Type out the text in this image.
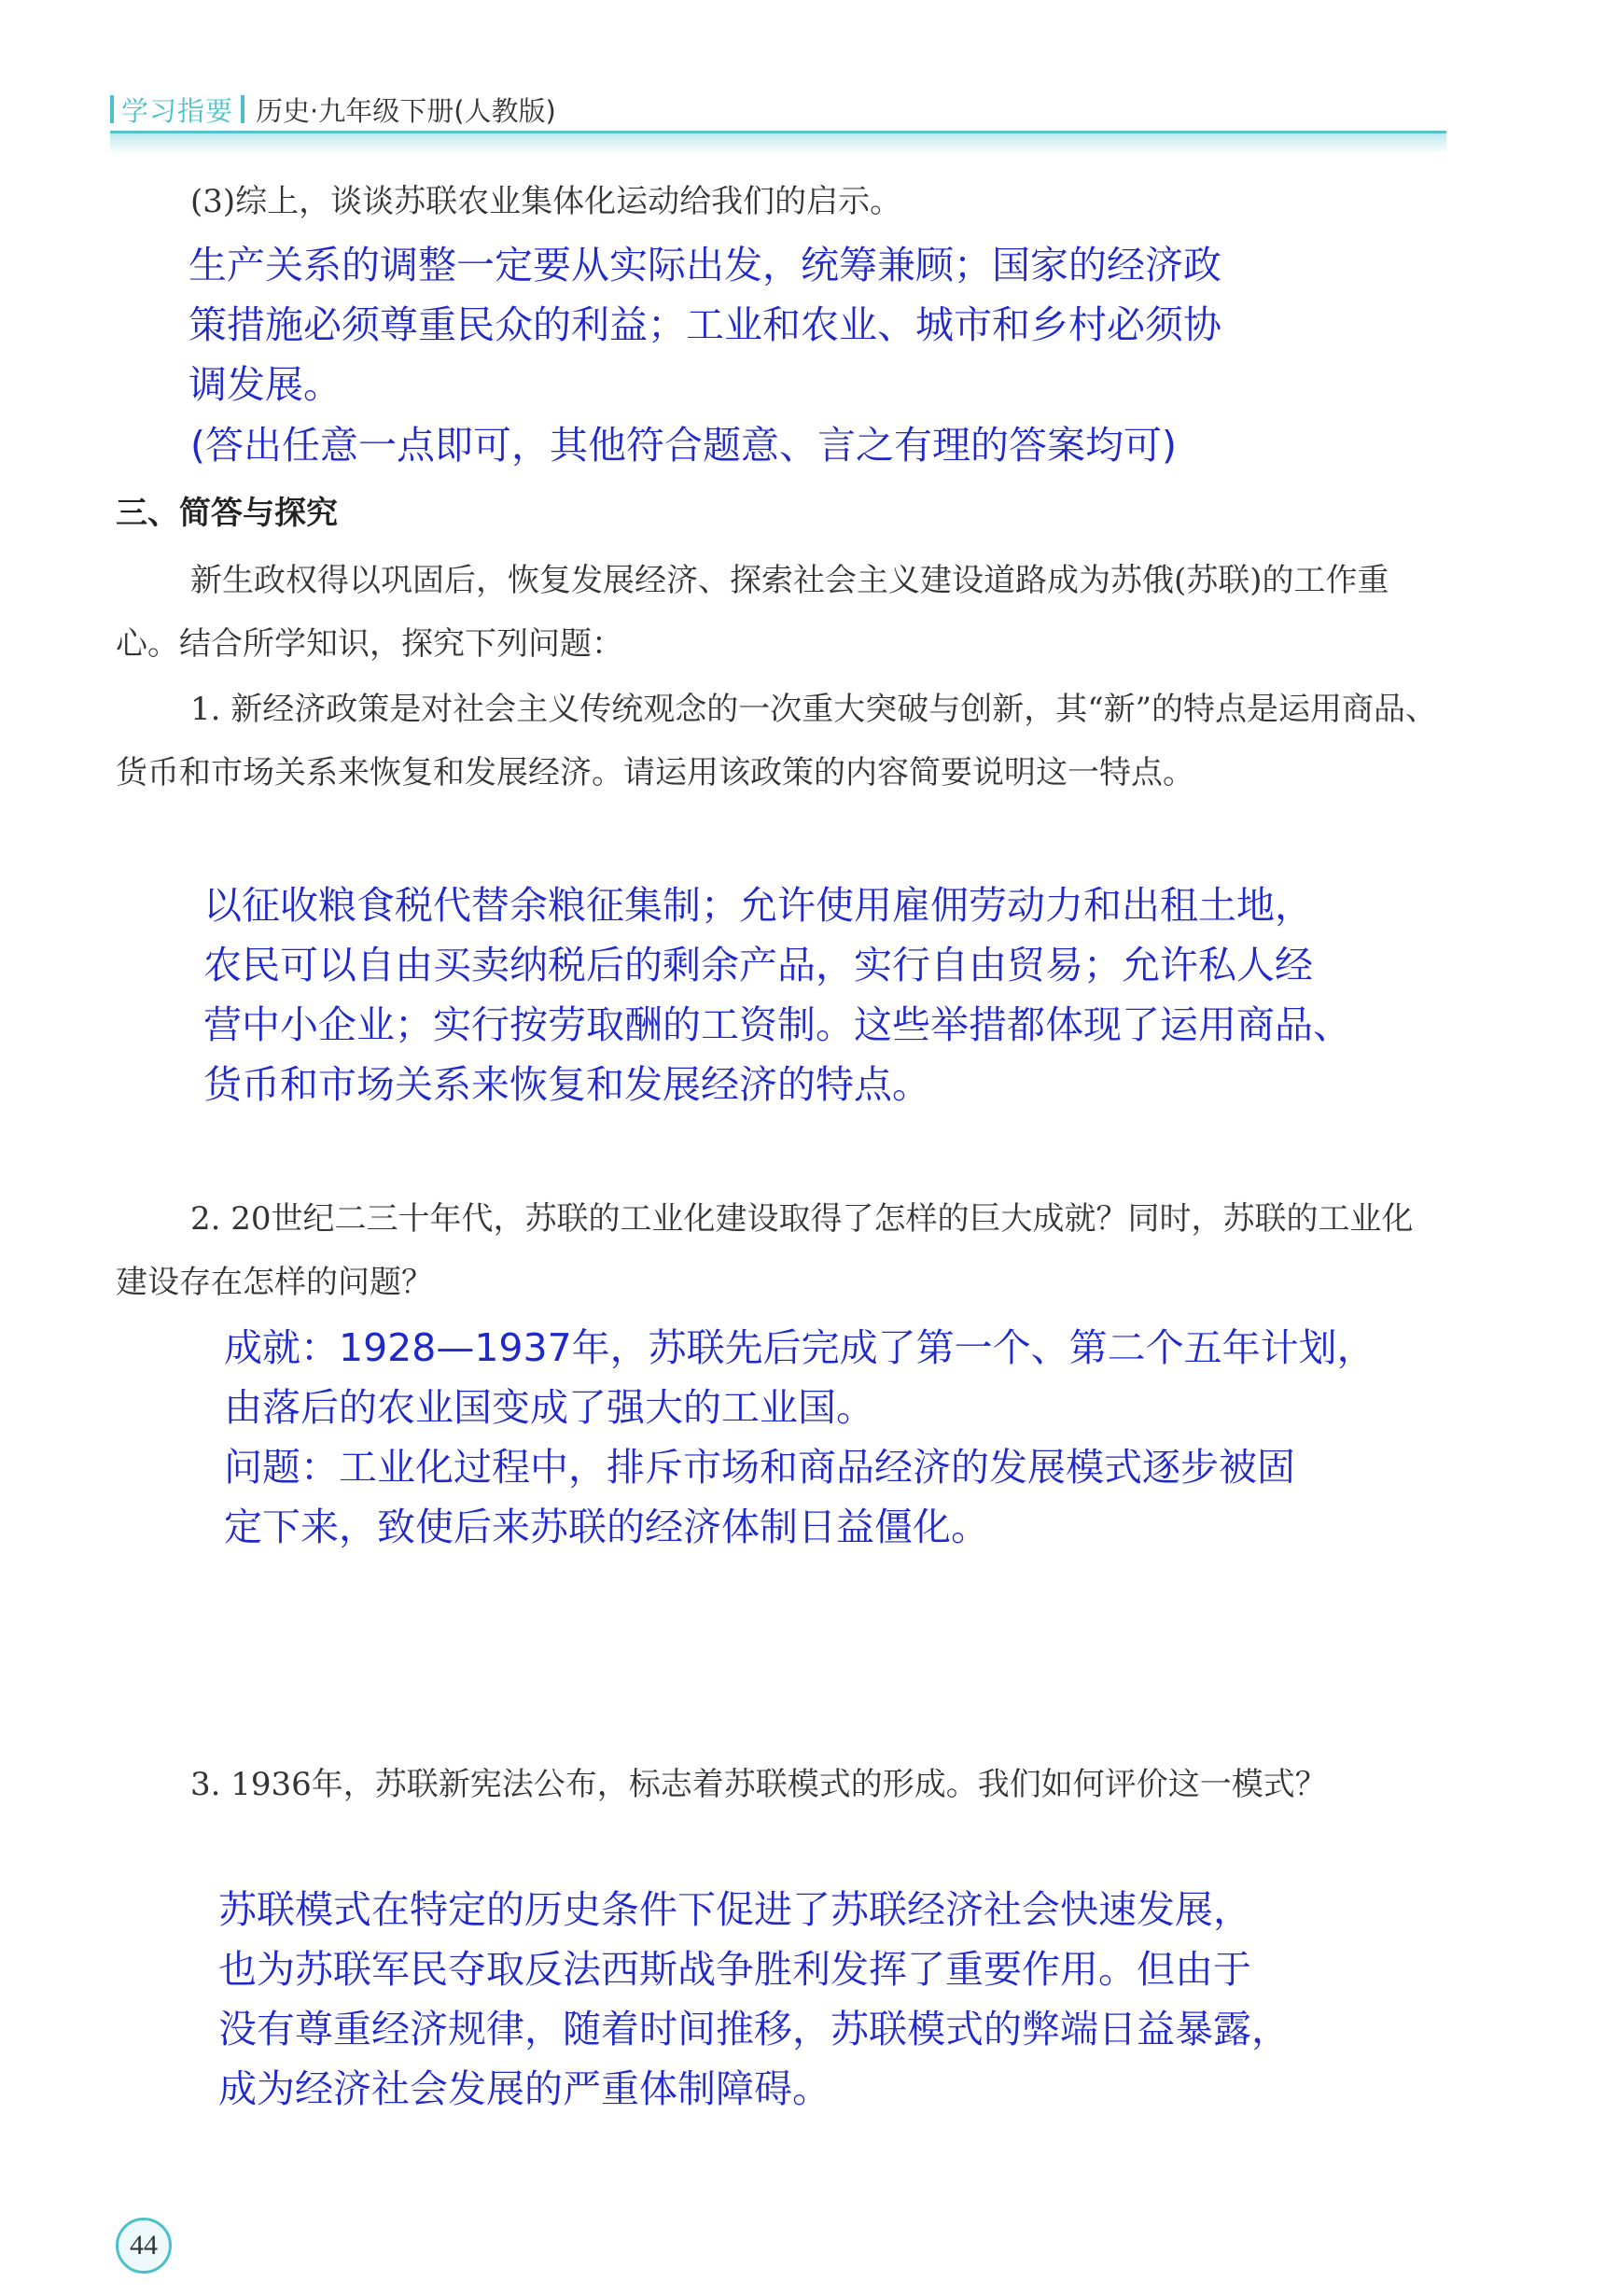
学习指要 历史·九年级下册(人教版)
(3)综上，谈谈苏联农业集体化运动给我们的启示。
生产关系的调整一定要从实际出发，统筹兼顾；国家的经济政
策措施必须尊重民众的利益；工业和农业、城市和乡村必须协
调发展。
(答出任意一点即可，其他符合题意、言之有理的答案均可)
三、简答与探究
新生政权得以巩固后，恢复发展经济、探索社会主义建设道路成为苏俄(苏联)的工作重心。结合所学知识，探究下列问题：
1. 新经济政策是对社会主义传统观念的一次重大突破与创新，其“新”的特点是运用商品、货币和市场关系来恢复和发展经济。请运用该政策的内容简要说明这一特点。
以征收粮食税代替余粮征集制；允许使用雇佣劳动力和出租土地，
农民可以自由买卖纳税后的剩余产品，实行自由贸易；允许私人经
营中小企业；实行按劳取酬的工资制。这些举措都体现了运用商品、
货币和市场关系来恢复和发展经济的特点。
2. 20世纪二三十年代，苏联的工业化建设取得了怎样的巨大成就？同时，苏联的工业化建设存在怎样的问题？
成就：1928—1937年，苏联先后完成了第一个、第二个五年计划，
由落后的农业国变成了强大的工业国。
问题：工业化过程中，排斥市场和商品经济的发展模式逐步被固
定下来，致使后来苏联的经济体制日益僵化。
3. 1936年，苏联新宪法公布，标志着苏联模式的形成。我们如何评价这一模式？
苏联模式在特定的历史条件下促进了苏联经济社会快速发展，
也为苏联军民夺取反法西斯战争胜利发挥了重要作用。但由于
没有尊重经济规律，随着时间推移，苏联模式的弊端日益暴露，
成为经济社会发展的严重体制障碍。
44
